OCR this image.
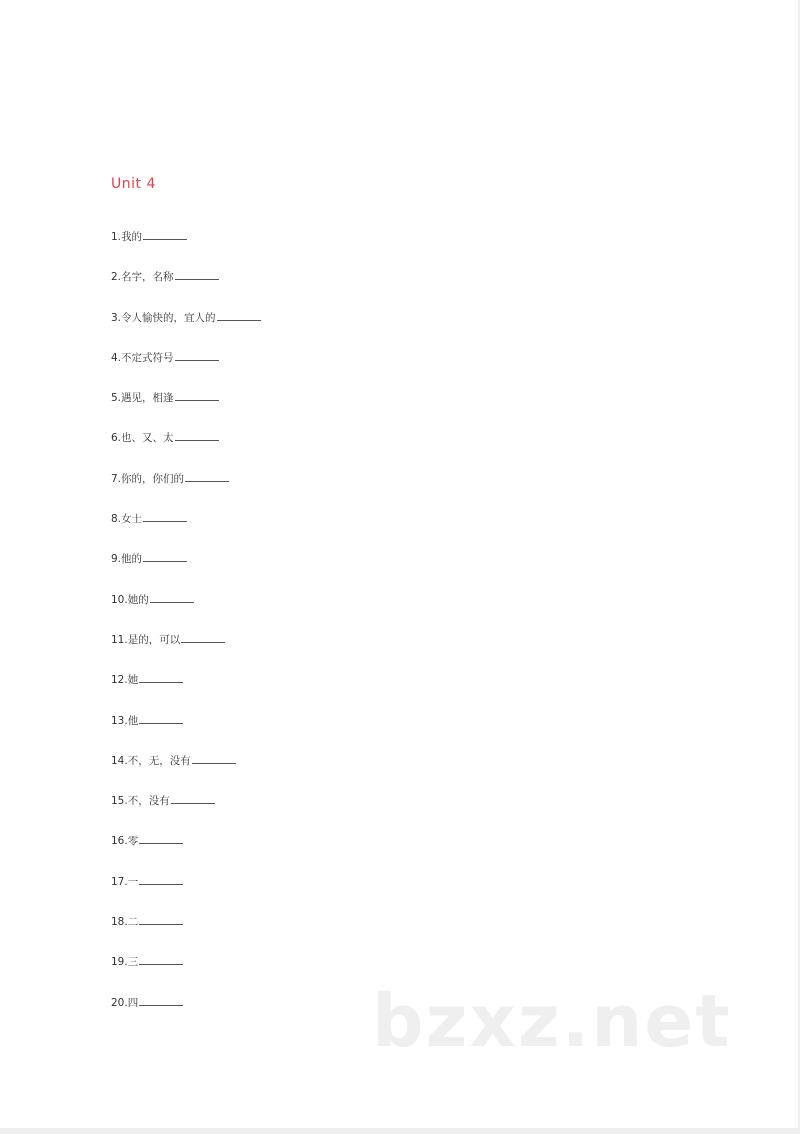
Unit 4
1.我的
2.名字，名称
3.令人愉快的，宜人的
4.不定式符号
5.遇见，相逢
6.也、又、太
7.你的，你们的
8.女士
9.他的
10.她的
11.是的，可以
12.她
13.他
14.不，无，没有
15.不，没有
16.零
17.一
18.二
19.三
20.四	bzxz.net
